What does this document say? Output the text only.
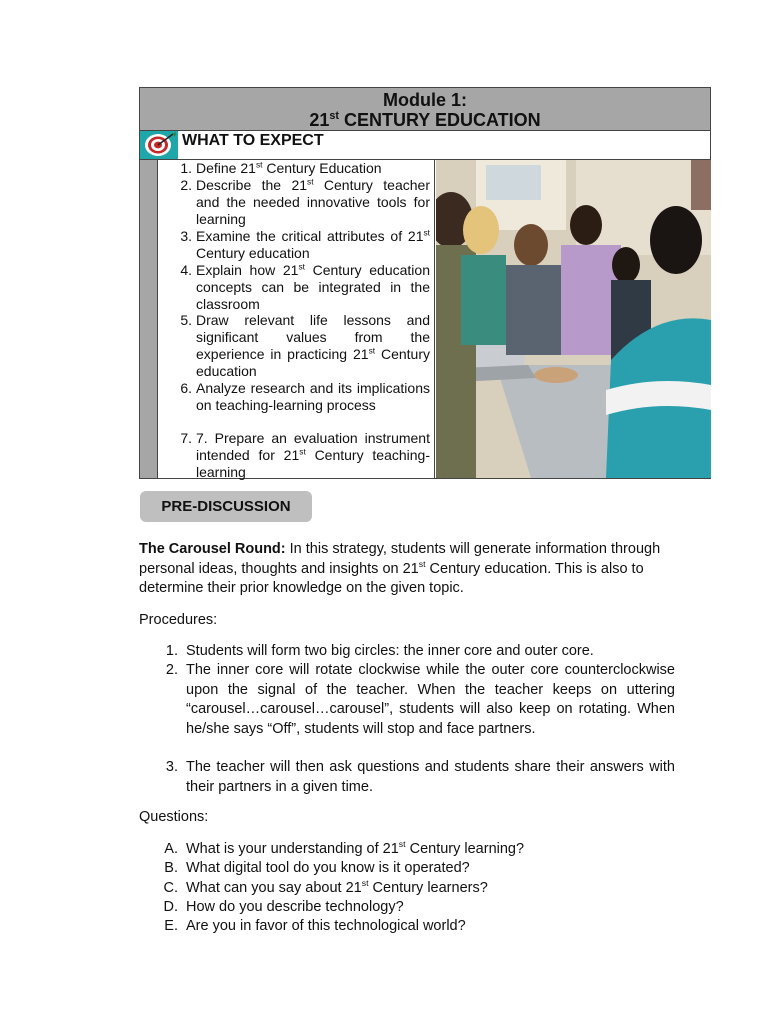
Module 1:
21st CENTURY EDUCATION
WHAT TO EXPECT
1. Define 21st Century Education
2. Describe the 21st Century teacher and the needed innovative tools for learning
3. Examine the critical attributes of 21st Century education
4. Explain how 21st Century education concepts can be integrated in the classroom
5. Draw relevant life lessons and significant values from the experience in practicing 21st Century education
6. Analyze research and its implications on teaching-learning process
7. 7. Prepare an evaluation instrument intended for 21st Century teaching-learning
PRE-DISCUSSION
The Carousel Round: In this strategy, students will generate information through personal ideas, thoughts and insights on 21st Century education. This is also to determine their prior knowledge on the given topic.
Procedures:
1. Students will form two big circles: the inner core and outer core.
2. The inner core will rotate clockwise while the outer core counterclockwise upon the signal of the teacher. When the teacher keeps on uttering “carousel…carousel…carousel”, students will also keep on rotating. When he/she says “Off”, students will stop and face partners.
3. The teacher will then ask questions and students share their answers with their partners in a given time.
Questions:
A. What is your understanding of 21st Century learning?
B. What digital tool do you know is it operated?
C. What can you say about 21st Century learners?
D. How do you describe technology?
E. Are you in favor of this technological world?
